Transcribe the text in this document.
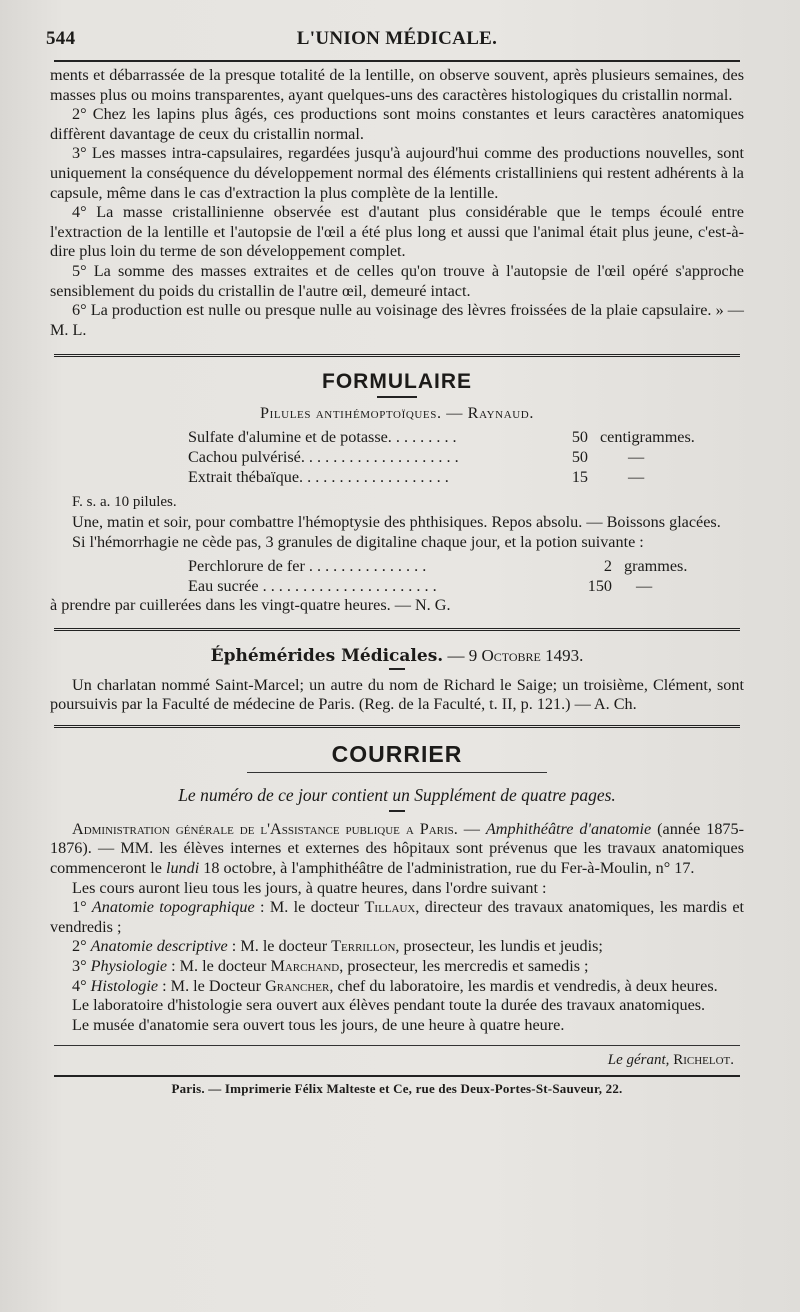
544	L'UNION MÉDICALE.

ments et débarrassée de la presque totalité de la lentille, on observe souvent, après plusieurs semaines, des masses plus ou moins transparentes, ayant quelques-uns des caractères histologiques du cristallin normal.

2° Chez les lapins plus âgés, ces productions sont moins constantes et leurs caractères anatomiques diffèrent davantage de ceux du cristallin normal.

3° Les masses intra-capsulaires, regardées jusqu'à aujourd'hui comme des productions nouvelles, sont uniquement la conséquence du développement normal des éléments cristalliniens qui restent adhérents à la capsule, même dans le cas d'extraction la plus complète de la lentille.

4° La masse cristallinienne observée est d'autant plus considérable que le temps écoulé entre l'extraction de la lentille et l'autopsie de l'œil a été plus long et aussi que l'animal était plus jeune, c'est-à-dire plus loin du terme de son développement complet.

5° La somme des masses extraites et de celles qu'on trouve à l'autopsie de l'œil opéré s'approche sensiblement du poids du cristallin de l'autre œil, demeuré intact.

6° La production est nulle ou presque nulle au voisinage des lèvres froissées de la plaie capsulaire. » — M. L.

FORMULAIRE
Pilules antihémoptoïques. — Raynaud.
Sulfate d'alumine et de potasse. . . . . . . . .	50 centigrammes.
Cachou pulvérisé. . . . . . . . . . . . . . . . . . . .	50	—
Extrait thébaïque. . . . . . . . . . . . . . . . . . .	15	—

F. s. a. 10 pilules.

Une, matin et soir, pour combattre l'hémoptysie des phthisiques. Repos absolu. — Boissons glacées.

Si l'hémorrhagie ne cède pas, 3 granules de digitaline chaque jour, et la potion suivante :

Perchlorure de fer . . . . . . . . . . . . . . .	2 grammes.
Eau sucrée . . . . . . . . . . . . . . . . . . . . . .	150	—

à prendre par cuillerées dans les vingt-quatre heures. — N. G.

Éphémérides Médicales. — 9 Octobre 1493.

Un charlatan nommé Saint-Marcel; un autre du nom de Richard le Saige; un troisième, Clément, sont poursuivis par la Faculté de médecine de Paris. (Reg. de la Faculté, t. II, p. 121.) — A. Ch.

COURRIER
Le numéro de ce jour contient un Supplément de quatre pages.

Administration générale de l'Assistance publique a Paris. — Amphithéâtre d'anatomie (année 1875-1876). — MM. les élèves internes et externes des hôpitaux sont prévenus que les travaux anatomiques commenceront le lundi 18 octobre, à l'amphithéâtre de l'administration, rue du Fer-à-Moulin, n° 17.

Les cours auront lieu tous les jours, à quatre heures, dans l'ordre suivant :

1° Anatomie topographique : M. le docteur Tillaux, directeur des travaux anatomiques, les mardis et vendredis ;

2° Anatomie descriptive : M. le docteur Terrillon, prosecteur, les lundis et jeudis;

3° Physiologie : M. le docteur Marchand, prosecteur, les mercredis et samedis ;

4° Histologie : M. le Docteur Grancher, chef du laboratoire, les mardis et vendredis, à deux heures.

Le laboratoire d'histologie sera ouvert aux élèves pendant toute la durée des travaux anatomiques.

Le musée d'anatomie sera ouvert tous les jours, de une heure à quatre heure.

Le gérant, Richelot.
Paris. — Imprimerie Félix Malteste et Ce, rue des Deux-Portes-St-Sauveur, 22.
